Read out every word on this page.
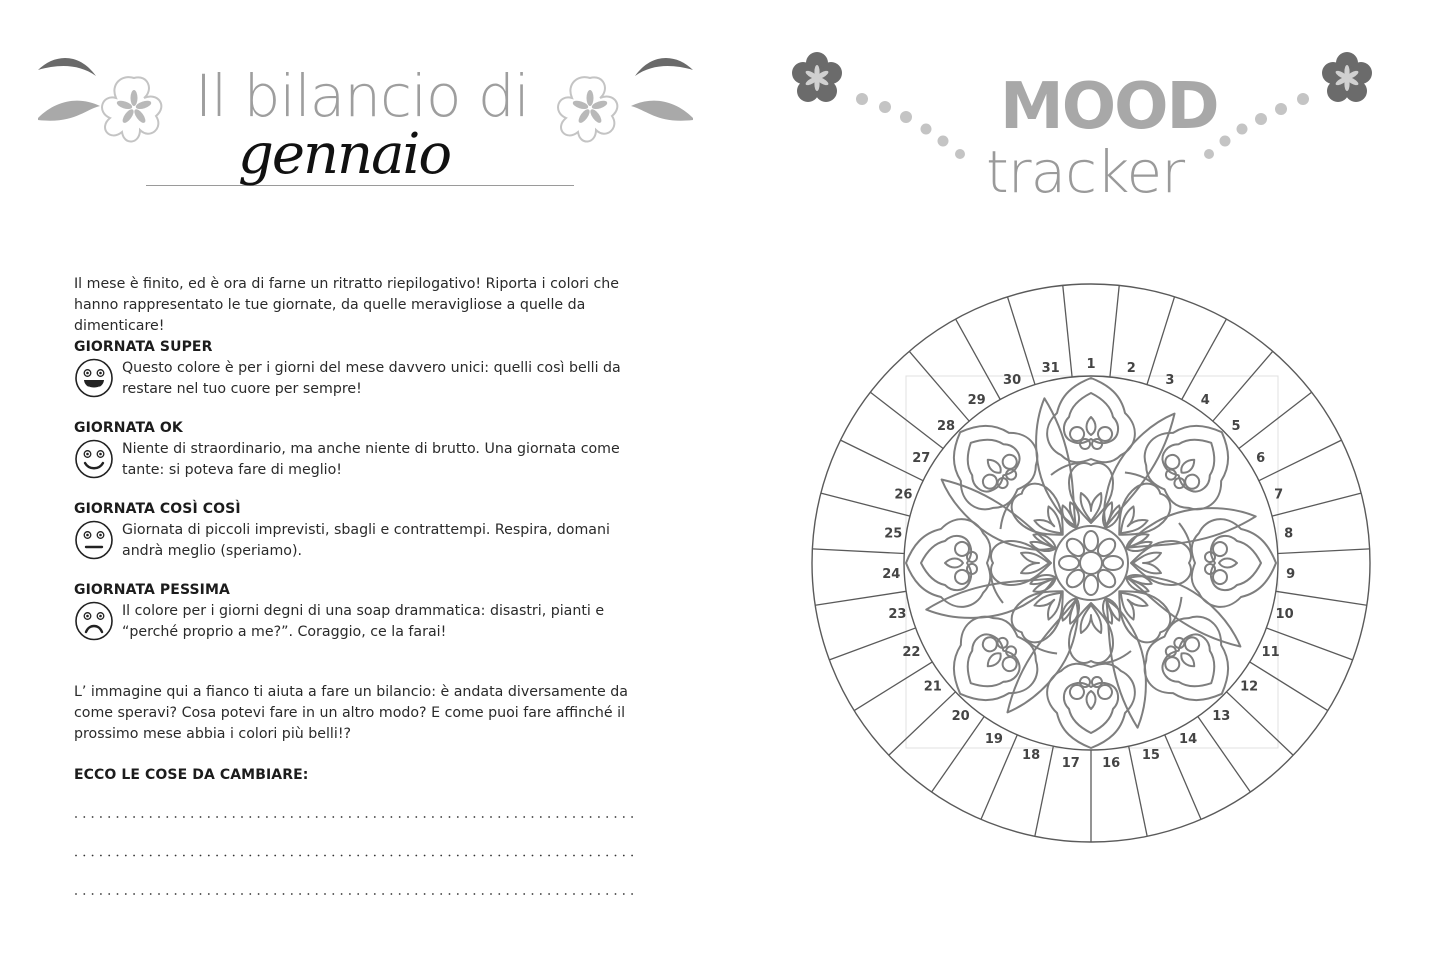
Il bilancio di
gennaio
Il mese è finito, ed è ora di farne un ritratto riepilogativo! Riporta i colori che hanno rappresentato le tue giornate, da quelle meravigliose a quelle da dimenticare!
GIORNATA SUPER
Questo colore è per i giorni del mese davvero unici: quelli così belli da restare nel tuo cuore per sempre!
GIORNATA OK
Niente di straordinario, ma anche niente di brutto. Una giornata come tante: si poteva fare di meglio!
GIORNATA COSÌ COSÌ
Giornata di piccoli imprevisti, sbagli e contrattempi. Respira, domani andrà meglio (speriamo).
GIORNATA PESSIMA
Il colore per i giorni degni di una soap drammatica: disastri, pianti e “perché proprio a me?”. Coraggio, ce la farai!
L’ immagine qui a fianco ti aiuta a fare un bilancio: è andata diversamente da come speravi? Cosa potevi fare in un altro modo? E come puoi fare affinché il prossimo mese abbia i colori più belli!?
ECCO LE COSE DA CAMBIARE:
MOOD
tracker
1 2
3
4
5
6
7
8
9
10
11
12
13
14
15
16
17
18
19
20
21
22
23
24
25
26
27
28
29
30
31
